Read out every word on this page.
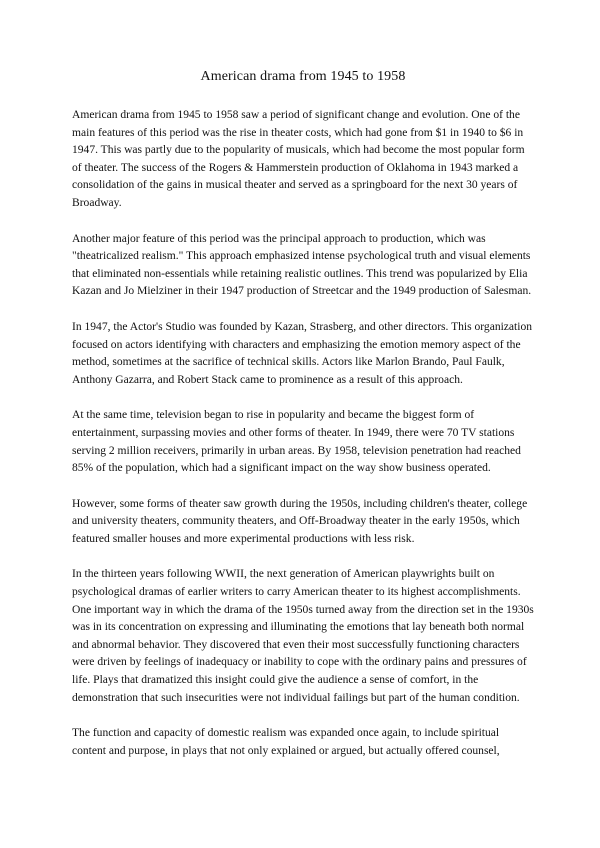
American drama from 1945 to 1958

American drama from 1945 to 1958 saw a period of significant change and evolution. One of the main features of this period was the rise in theater costs, which had gone from $1 in 1940 to $6 in 1947. This was partly due to the popularity of musicals, which had become the most popular form of theater. The success of the Rogers & Hammerstein production of Oklahoma in 1943 marked a consolidation of the gains in musical theater and served as a springboard for the next 30 years of Broadway.

Another major feature of this period was the principal approach to production, which was "theatricalized realism." This approach emphasized intense psychological truth and visual elements that eliminated non-essentials while retaining realistic outlines. This trend was popularized by Elia Kazan and Jo Mielziner in their 1947 production of Streetcar and the 1949 production of Salesman.

In 1947, the Actor's Studio was founded by Kazan, Strasberg, and other directors. This organization focused on actors identifying with characters and emphasizing the emotion memory aspect of the method, sometimes at the sacrifice of technical skills. Actors like Marlon Brando, Paul Faulk, Anthony Gazarra, and Robert Stack came to prominence as a result of this approach.

At the same time, television began to rise in popularity and became the biggest form of entertainment, surpassing movies and other forms of theater. In 1949, there were 70 TV stations serving 2 million receivers, primarily in urban areas. By 1958, television penetration had reached 85% of the population, which had a significant impact on the way show business operated.

However, some forms of theater saw growth during the 1950s, including children's theater, college and university theaters, community theaters, and Off-Broadway theater in the early 1950s, which featured smaller houses and more experimental productions with less risk.

In the thirteen years following WWII, the next generation of American playwrights built on psychological dramas of earlier writers to carry American theater to its highest accomplishments. One important way in which the drama of the 1950s turned away from the direction set in the 1930s was in its concentration on expressing and illuminating the emotions that lay beneath both normal and abnormal behavior. They discovered that even their most successfully functioning characters were driven by feelings of inadequacy or inability to cope with the ordinary pains and pressures of life. Plays that dramatized this insight could give the audience a sense of comfort, in the demonstration that such insecurities were not individual failings but part of the human condition.

The function and capacity of domestic realism was expanded once again, to include spiritual content and purpose, in plays that not only explained or argued, but actually offered counsel,
